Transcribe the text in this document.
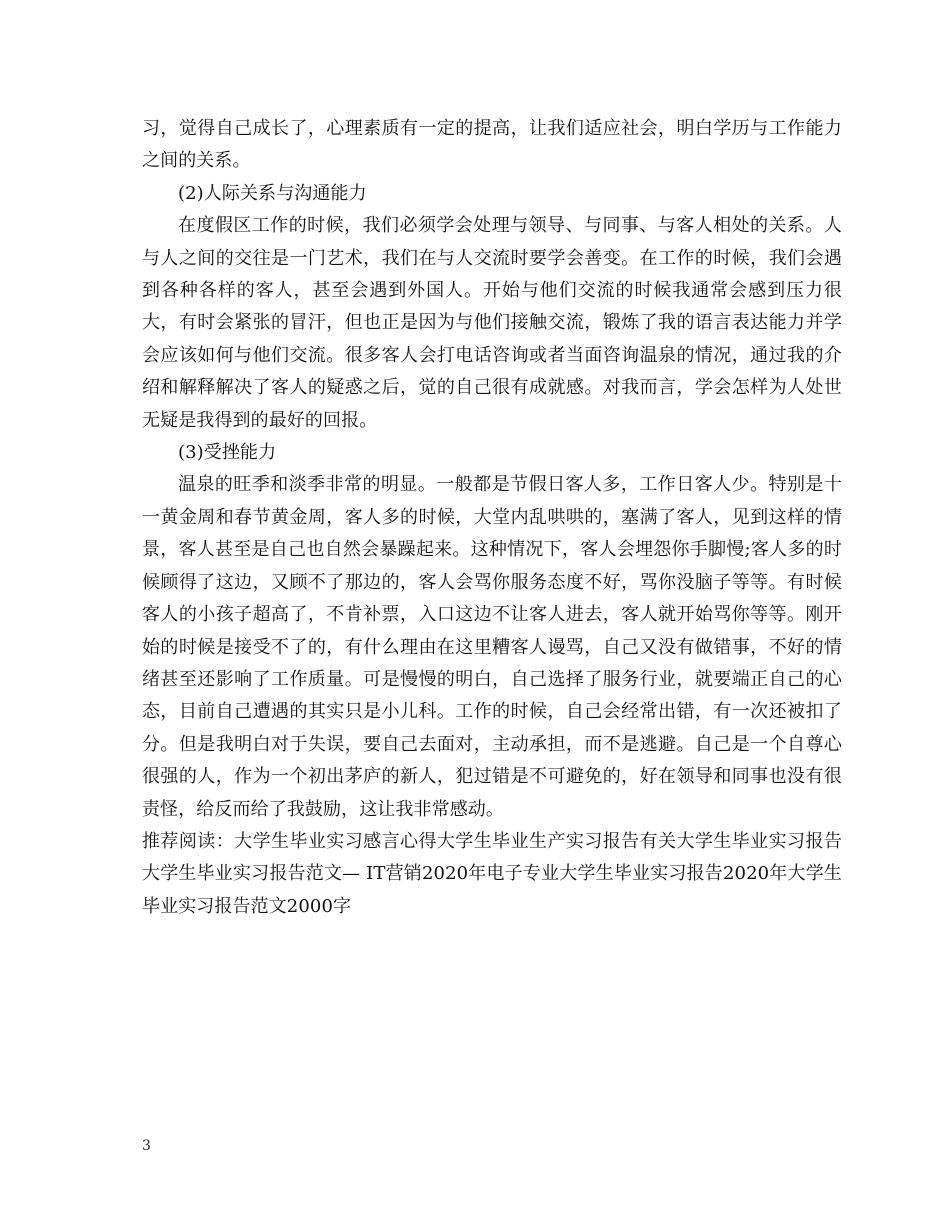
习，觉得自己成长了，心理素质有一定的提高，让我们适应社会，明白学历与工作能力之间的关系。

(2)人际关系与沟通能力

在度假区工作的时候，我们必须学会处理与领导、与同事、与客人相处的关系。人与人之间的交往是一门艺术，我们在与人交流时要学会善变。在工作的时候，我们会遇到各种各样的客人，甚至会遇到外国人。开始与他们交流的时候我通常会感到压力很大，有时会紧张的冒汗，但也正是因为与他们接触交流，锻炼了我的语言表达能力并学会应该如何与他们交流。很多客人会打电话咨询或者当面咨询温泉的情况，通过我的介绍和解释解决了客人的疑惑之后，觉的自己很有成就感。对我而言，学会怎样为人处世无疑是我得到的最好的回报。

(3)受挫能力

温泉的旺季和淡季非常的明显。一般都是节假日客人多，工作日客人少。特别是十一黄金周和春节黄金周，客人多的时候，大堂内乱哄哄的，塞满了客人，见到这样的情景，客人甚至是自己也自然会暴躁起来。这种情况下，客人会埋怨你手脚慢;客人多的时候顾得了这边，又顾不了那边的，客人会骂你服务态度不好，骂你没脑子等等。有时候客人的小孩子超高了，不肯补票，入口这边不让客人进去，客人就开始骂你等等。刚开始的时候是接受不了的，有什么理由在这里糟客人谩骂，自己又没有做错事，不好的情绪甚至还影响了工作质量。可是慢慢的明白，自己选择了服务行业，就要端正自己的心态，目前自己遭遇的其实只是小儿科。工作的时候，自己会经常出错，有一次还被扣了分。但是我明白对于失误，要自己去面对，主动承担，而不是逃避。自己是一个自尊心很强的人，作为一个初出茅庐的新人，犯过错是不可避免的，好在领导和同事也没有很责怪，给反而给了我鼓励，这让我非常感动。

推荐阅读：大学生毕业实习感言心得大学生毕业生产实习报告有关大学生毕业实习报告大学生毕业实习报告范文— IT营销2020年电子专业大学生毕业实习报告2020年大学生毕业实习报告范文2000字

3
